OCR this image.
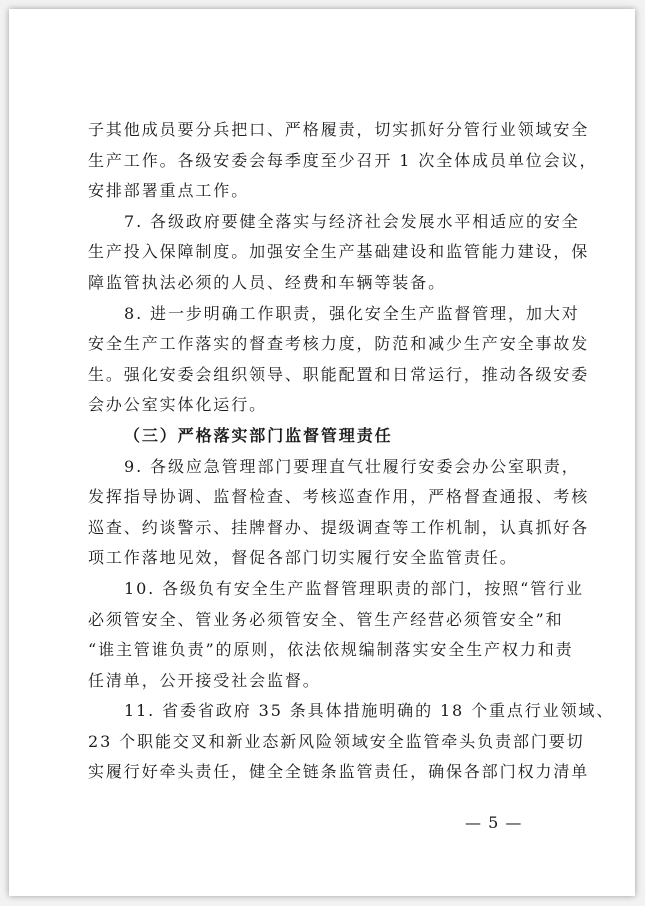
子其他成员要分兵把口、严格履责，切实抓好分管行业领域安全
生产工作。各级安委会每季度至少召开 1 次全体成员单位会议，
安排部署重点工作。
7. 各级政府要健全落实与经济社会发展水平相适应的安全
生产投入保障制度。加强安全生产基础建设和监管能力建设，保
障监管执法必须的人员、经费和车辆等装备。
8. 进一步明确工作职责，强化安全生产监督管理，加大对
安全生产工作落实的督查考核力度，防范和减少生产安全事故发
生。强化安委会组织领导、职能配置和日常运行，推动各级安委
会办公室实体化运行。
（三）严格落实部门监督管理责任
9. 各级应急管理部门要理直气壮履行安委会办公室职责，
发挥指导协调、监督检查、考核巡查作用，严格督查通报、考核
巡查、约谈警示、挂牌督办、提级调查等工作机制，认真抓好各
项工作落地见效，督促各部门切实履行安全监管责任。
10. 各级负有安全生产监督管理职责的部门，按照“管行业
必须管安全、管业务必须管安全、管生产经营必须管安全”和
“谁主管谁负责”的原则，依法依规编制落实安全生产权力和责
任清单，公开接受社会监督。
11. 省委省政府 35 条具体措施明确的 18 个重点行业领域、
23 个职能交叉和新业态新风险领域安全监管牵头负责部门要切
实履行好牵头责任，健全全链条监管责任，确保各部门权力清单
— 5 —
